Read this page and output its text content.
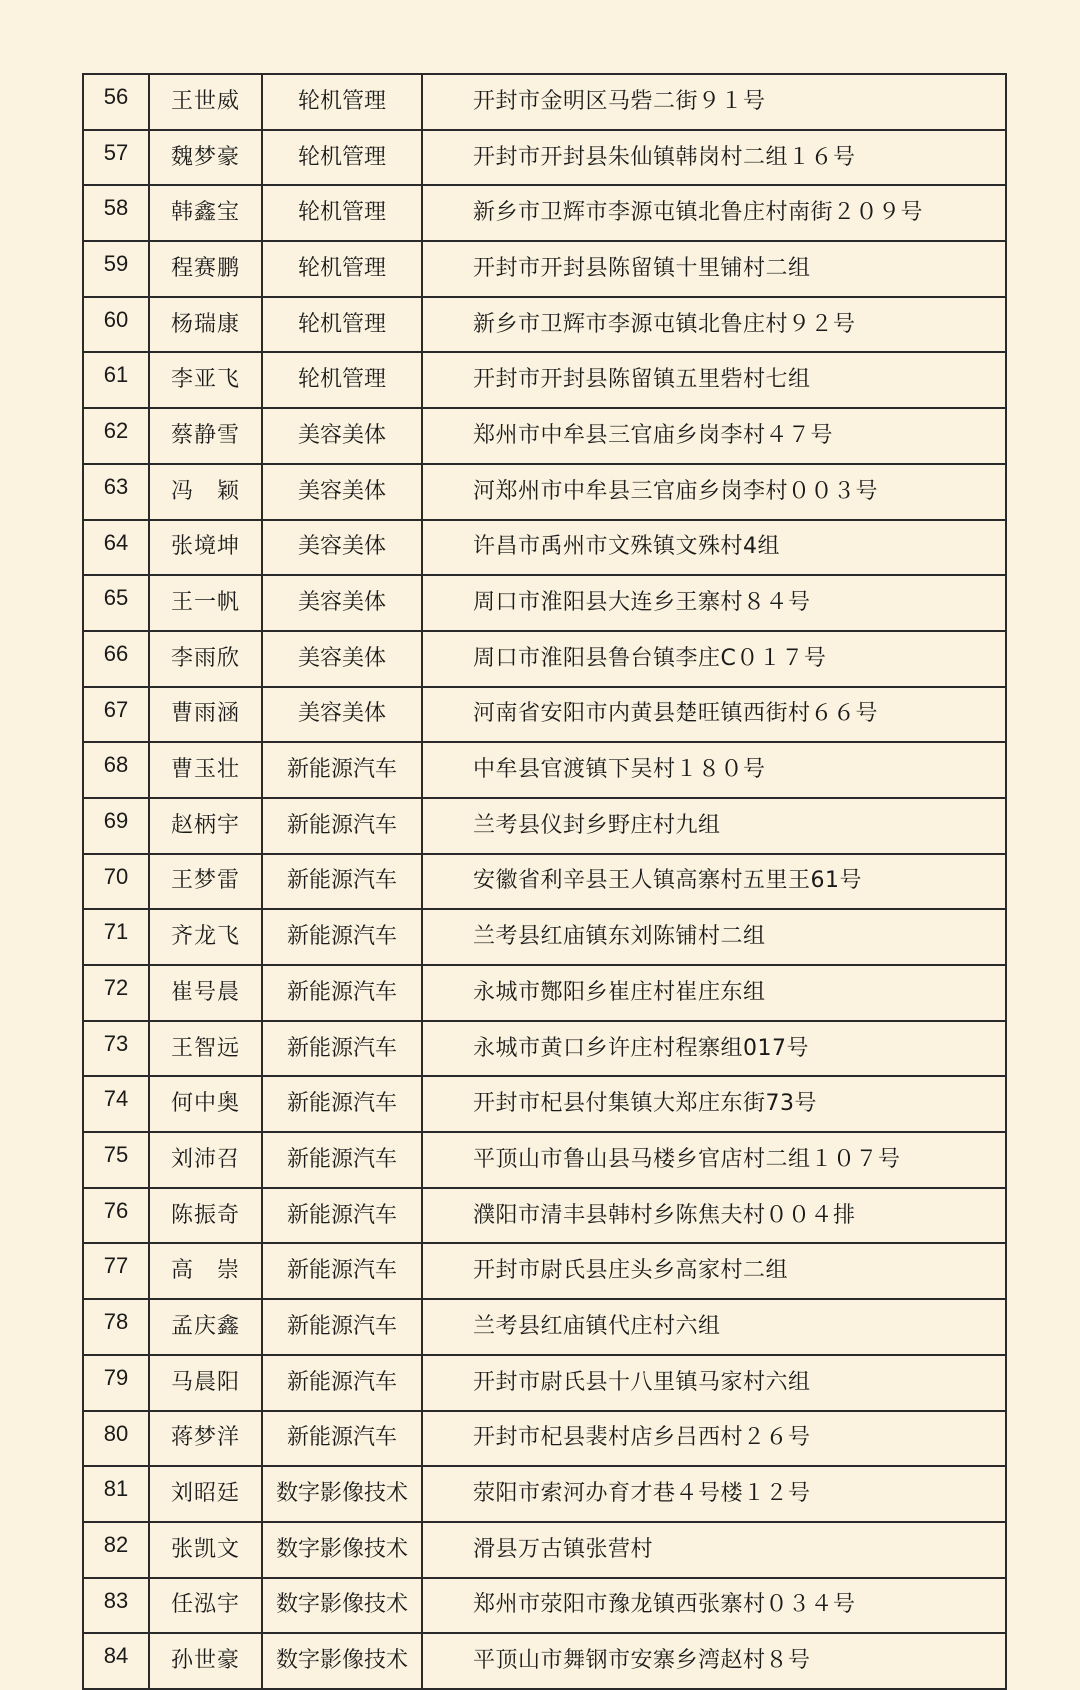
56	王世威	轮机管理	开封市金明区马砦二街９１号
57	魏梦豪	轮机管理	开封市开封县朱仙镇韩岗村二组１６号
58	韩鑫宝	轮机管理	新乡市卫辉市李源屯镇北鲁庄村南街２０９号
59	程赛鹏	轮机管理	开封市开封县陈留镇十里铺村二组
60	杨瑞康	轮机管理	新乡市卫辉市李源屯镇北鲁庄村９２号
61	李亚飞	轮机管理	开封市开封县陈留镇五里砦村七组
62	蔡静雪	美容美体	郑州市中牟县三官庙乡岗李村４７号
63	冯　颖	美容美体	河郑州市中牟县三官庙乡岗李村００３号
64	张境坤	美容美体	许昌市禹州市文殊镇文殊村4组
65	王一帆	美容美体	周口市淮阳县大连乡王寨村８４号
66	李雨欣	美容美体	周口市淮阳县鲁台镇李庄C０１７号
67	曹雨涵	美容美体	河南省安阳市内黄县楚旺镇西街村６６号
68	曹玉壮	新能源汽车	中牟县官渡镇下吴村１８０号
69	赵柄宇	新能源汽车	兰考县仪封乡野庄村九组
70	王梦雷	新能源汽车	安徽省利辛县王人镇高寨村五里王61号
71	齐龙飞	新能源汽车	兰考县红庙镇东刘陈铺村二组
72	崔号晨	新能源汽车	永城市酂阳乡崔庄村崔庄东组
73	王智远	新能源汽车	永城市黄口乡许庄村程寨组017号
74	何中奥	新能源汽车	开封市杞县付集镇大郑庄东街73号
75	刘沛召	新能源汽车	平顶山市鲁山县马楼乡官店村二组１０７号
76	陈振奇	新能源汽车	濮阳市清丰县韩村乡陈焦夫村００４排
77	高　崇	新能源汽车	开封市尉氏县庄头乡高家村二组
78	孟庆鑫	新能源汽车	兰考县红庙镇代庄村六组
79	马晨阳	新能源汽车	开封市尉氏县十八里镇马家村六组
80	蒋梦洋	新能源汽车	开封市杞县裴村店乡吕西村２６号
81	刘昭廷	数字影像技术	荥阳市索河办育才巷４号楼１２号
82	张凯文	数字影像技术	滑县万古镇张营村
83	任泓宇	数字影像技术	郑州市荥阳市豫龙镇西张寨村０３４号
84	孙世豪	数字影像技术	平顶山市舞钢市安寨乡湾赵村８号
